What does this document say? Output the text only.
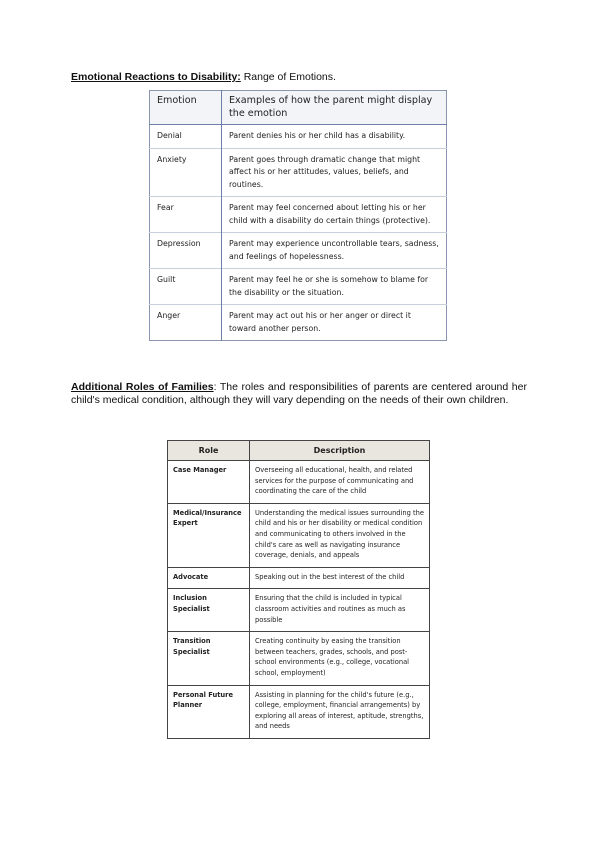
Emotional Reactions to Disability: Range of Emotions.
Emotion	Examples of how the parent might display the emotion
Denial	Parent denies his or her child has a disability.
Anxiety	Parent goes through dramatic change that might affect his or her attitudes, values, beliefs, and routines.
Fear	Parent may feel concerned about letting his or her child with a disability do certain things (protective).
Depression	Parent may experience uncontrollable tears, sadness, and feelings of hopelessness.
Guilt	Parent may feel he or she is somehow to blame for the disability or the situation.
Anger	Parent may act out his or her anger or direct it toward another person.
Additional Roles of Families: The roles and responsibilities of parents are centered around her child's medical condition, although they will vary depending on the needs of their own children.
Role	Description
Case Manager	Overseeing all educational, health, and related services for the purpose of communicating and coordinating the care of the child
Medical/Insurance Expert	Understanding the medical issues surrounding the child and his or her disability or medical condition and communicating to others involved in the child's care as well as navigating insurance coverage, denials, and appeals
Advocate	Speaking out in the best interest of the child
Inclusion Specialist	Ensuring that the child is included in typical classroom activities and routines as much as possible
Transition Specialist	Creating continuity by easing the transition between teachers, grades, schools, and post-school environments (e.g., college, vocational school, employment)
Personal Future Planner	Assisting in planning for the child's future (e.g., college, employment, financial arrangements) by exploring all areas of interest, aptitude, strengths, and needs
